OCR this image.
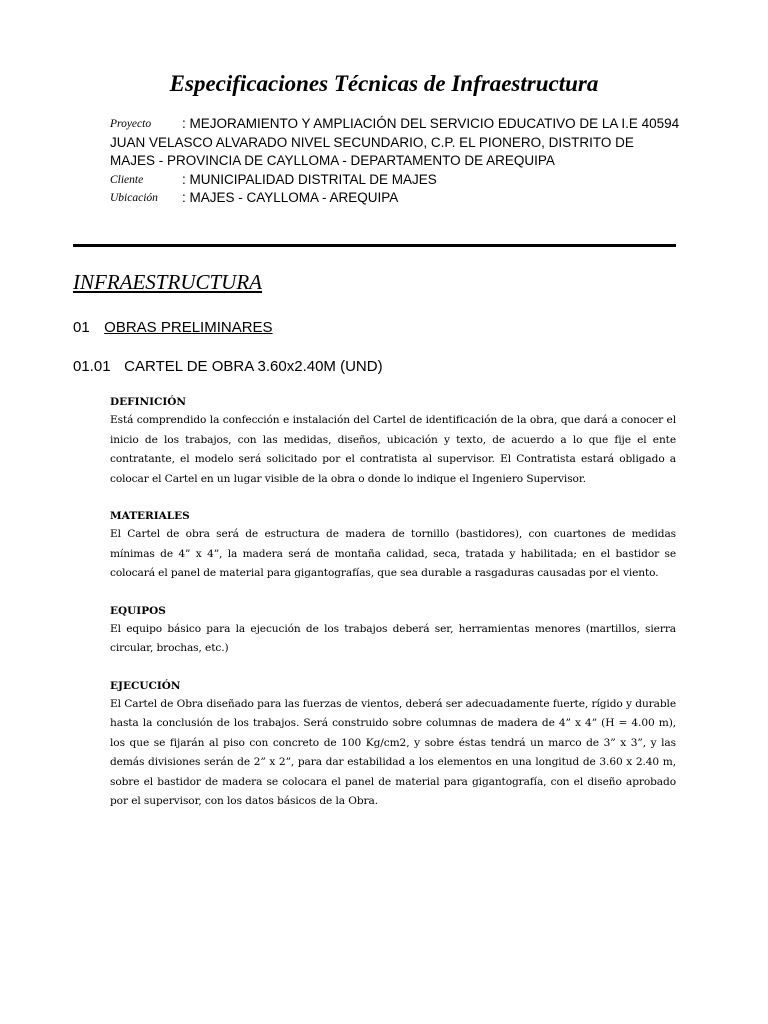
Especificaciones Técnicas de Infraestructura
Proyecto	: MEJORAMIENTO Y AMPLIACIÓN DEL SERVICIO EDUCATIVO DE LA I.E 40594 JUAN VELASCO ALVARADO NIVEL SECUNDARIO, C.P. EL PIONERO, DISTRITO DE MAJES - PROVINCIA DE CAYLLOMA - DEPARTAMENTO DE AREQUIPA
Cliente	: MUNICIPALIDAD DISTRITAL DE MAJES
Ubicación	: MAJES - CAYLLOMA - AREQUIPA
INFRAESTRUCTURA
01 OBRAS PRELIMINARES
01.01 CARTEL DE OBRA 3.60x2.40M (UND)

DEFINICIÓN

Está comprendido la confección e instalación del Cartel de identificación de la obra, que dará a conocer el inicio de los trabajos, con las medidas, diseños, ubicación y texto, de acuerdo a lo que fije el ente contratante, el modelo será solicitado por el contratista al supervisor. El Contratista estará obligado a colocar el Cartel en un lugar visible de la obra o donde lo indique el Ingeniero Supervisor.

MATERIALES

El Cartel de obra será de estructura de madera de tornillo (bastidores), con cuartones de medidas mínimas de 4” x 4”, la madera será de montaña calidad, seca, tratada y habilitada; en el bastidor se colocará el panel de material para gigantografías, que sea durable a rasgaduras causadas por el viento.

EQUIPOS

El equipo básico para la ejecución de los trabajos deberá ser, herramientas menores (martillos, sierra circular, brochas, etc.)

EJECUCIÓN

El Cartel de Obra diseñado para las fuerzas de vientos, deberá ser adecuadamente fuerte, rígido y durable hasta la conclusión de los trabajos. Será construido sobre columnas de madera de 4” x 4” (H = 4.00 m), los que se fijarán al piso con concreto de 100 Kg/cm2, y sobre éstas tendrá un marco de 3” x 3”, y las demás divisiones serán de 2” x 2”, para dar estabilidad a los elementos en una longitud de 3.60 x 2.40 m, sobre el bastidor de madera se colocara el panel de material para gigantografía, con el diseño aprobado por el supervisor, con los datos básicos de la Obra.
